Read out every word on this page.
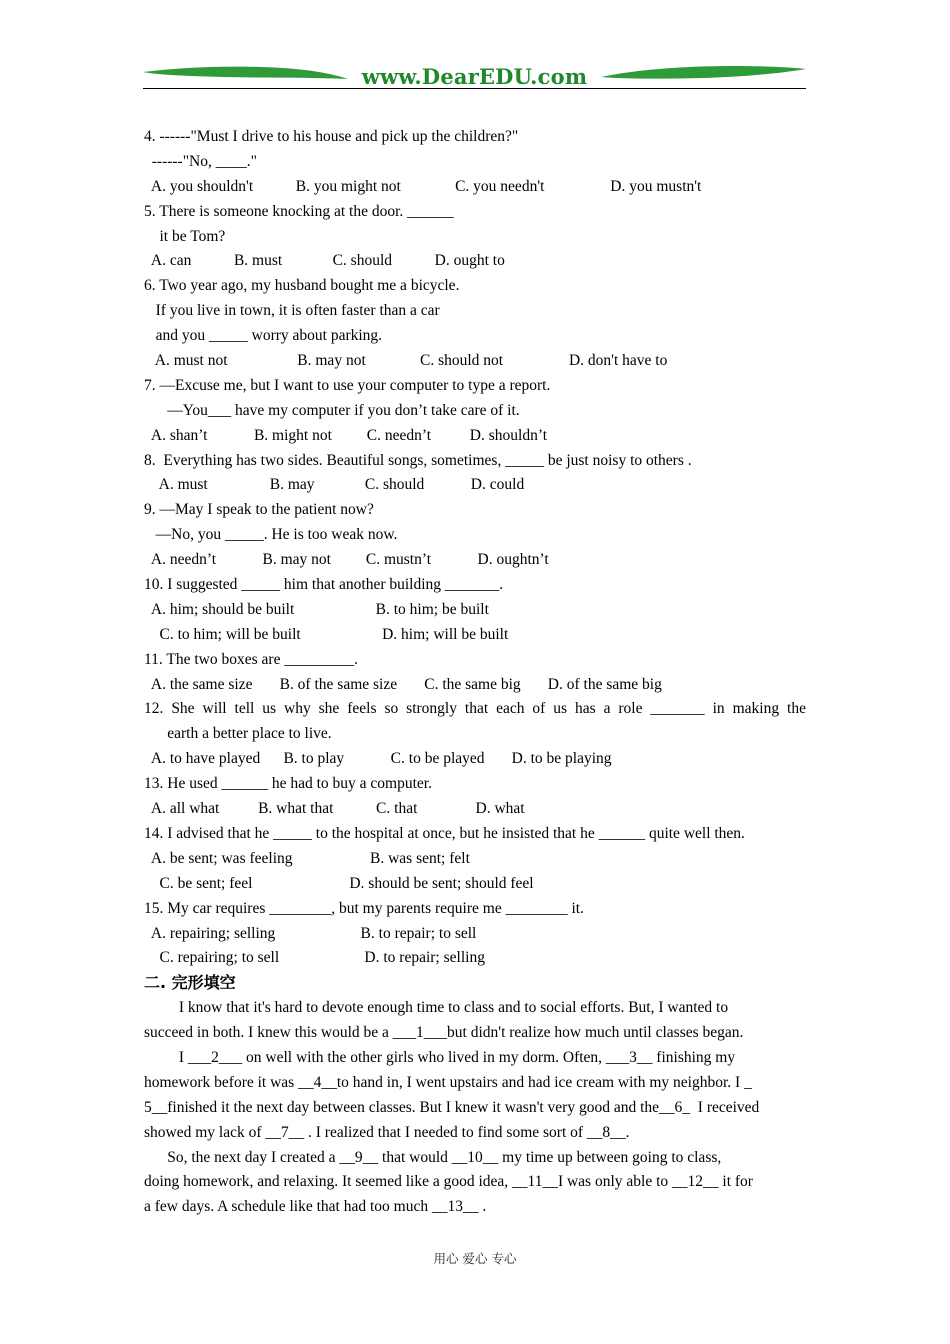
www.DearEDU.com
4. ------"Must I drive to his house and pick up the children?"
------"No, ____."
A. you shouldn't           B. you might not              C. you needn't                 D. you mustn't
5. There is someone knocking at the door. ______
it be Tom?
A. can           B. must             C. should           D. ought to
6. Two year ago, my husband bought me a bicycle.
If you live in town, it is often faster than a car
and you _____ worry about parking.
A. must not                  B. may not              C. should not                 D. don't have to
7. —Excuse me, but I want to use your computer to type a report.
—You___ have my computer if you don’t take care of it.
A. shan’t            B. might not         C. needn’t          D. shouldn’t
8.  Everything has two sides. Beautiful songs, sometimes, _____ be just noisy to others .
A. must                B. may             C. should            D. could
9. —May I speak to the patient now?
—No, you _____. He is too weak now.
A. needn’t            B. may not         C. mustn’t            D. oughtn’t
10. I suggested _____ him that another building _______.
A. him; should be built                     B. to him; be built
C. to him; will be built                     D. him; will be built
11. The two boxes are _________.
A. the same size       B. of the same size       C. the same big       D. of the same big
12. She will tell us why she feels so strongly that each of us has a role _______ in making the
earth a better place to live.
A. to have played      B. to play            C. to be played       D. to be playing
13. He used ______ he had to buy a computer.
A. all what          B. what that           C. that               D. what
14. I advised that he _____ to the hospital at once, but he insisted that he ______ quite well then.
A. be sent; was feeling                    B. was sent; felt
C. be sent; feel                         D. should be sent; should feel
15. My car requires ________, but my parents require me ________ it.
A. repairing; selling                      B. to repair; to sell
C. repairing; to sell                      D. to repair; selling
二. 完形填空
I know that it's hard to devote enough time to class and to social efforts. But, I wanted to
succeed in both. I knew this would be a ___1___but didn't realize how much until classes began.
I ___2___ on well with the other girls who lived in my dorm. Often, ___3__ finishing my
homework before it was __4__to hand in, I went upstairs and had ice cream with my neighbor. I _
5__finished it the next day between classes. But I knew it wasn't very good and the__6_  I received
showed my lack of __7__ . I realized that I needed to find some sort of __8__.
So, the next day I created a __9__ that would __10__ my time up between going to class,
doing homework, and relaxing. It seemed like a good idea, __11__I was only able to __12__ it for
a few days. A schedule like that had too much __13__ .
用心 爱心 专心
